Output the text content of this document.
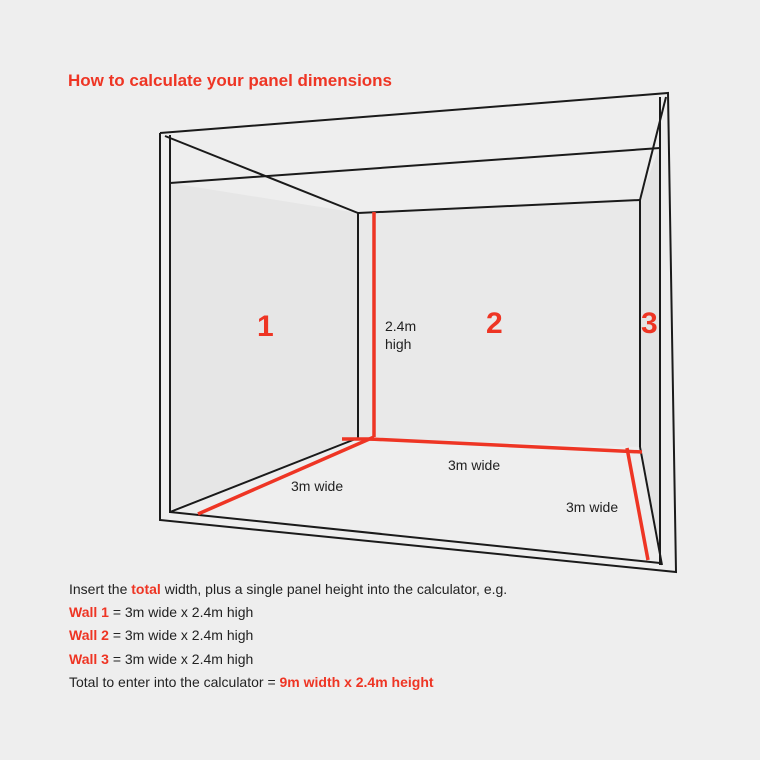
How to calculate your panel dimensions
1	2	3
2.4m
high
3m wide
3m wide
3m wide

Insert the total width, plus a single panel height into the calculator, e.g.

Wall 1 = 3m wide x 2.4m high

Wall 2 = 3m wide x 2.4m high

Wall 3 = 3m wide x 2.4m high

Total to enter into the calculator = 9m width x 2.4m height
